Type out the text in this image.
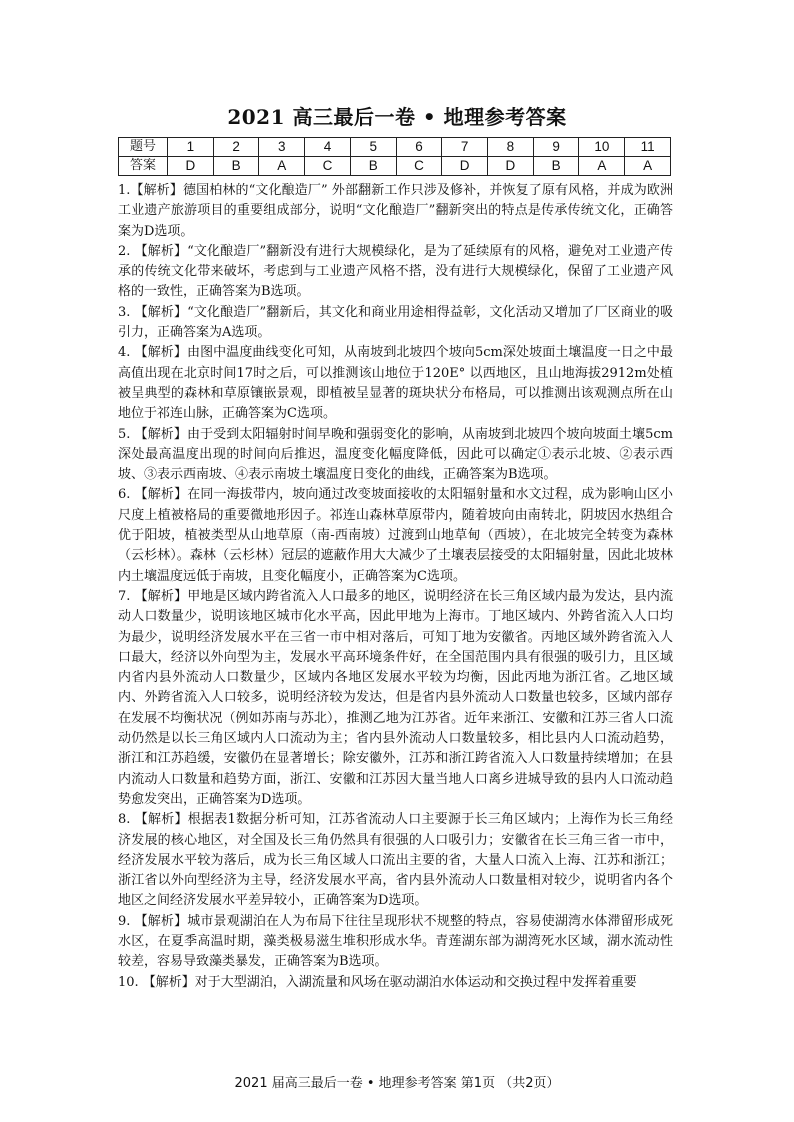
2021 高三最后一卷 • 地理参考答案
题号	1	2	3	4	5	6	7	8	9	10	11
答案	D	B	A	C	B	C	D	D	B	A	A

1.【解析】德国柏林的“文化酿造厂” 外部翻新工作只涉及修补，并恢复了原有风格，并成为欧洲工业遗产旅游项目的重要组成部分，说明“文化酿造厂”翻新突出的特点是传承传统文化，正确答案为D选项。

2. 【解析】“文化酿造厂”翻新没有进行大规模绿化，是为了延续原有的风格，避免对工业遗产传承的传统文化带来破坏，考虑到与工业遗产风格不搭，没有进行大规模绿化，保留了工业遗产风格的一致性，正确答案为B选项。

3. 【解析】“文化酿造厂”翻新后，其文化和商业用途相得益彰，文化活动又增加了厂区商业的吸引力，正确答案为A选项。

4. 【解析】由图中温度曲线变化可知，从南坡到北坡四个坡向5cm深处坡面土壤温度一日之中最高值出现在北京时间17时之后，可以推测该山地位于120E° 以西地区，且山地海拔2912m处植被呈典型的森林和草原镶嵌景观，即植被呈显著的斑块状分布格局，可以推测出该观测点所在山地位于祁连山脉，正确答案为C选项。

5. 【解析】由于受到太阳辐射时间早晚和强弱变化的影响，从南坡到北坡四个坡向坡面土壤5cm深处最高温度出现的时间向后推迟，温度变化幅度降低，因此可以确定①表示北坡、②表示西坡、③表示西南坡、④表示南坡土壤温度日变化的曲线，正确答案为B选项。

6. 【解析】在同一海拔带内，坡向通过改变坡面接收的太阳辐射量和水文过程，成为影响山区小尺度上植被格局的重要微地形因子。祁连山森林草原带内，随着坡向由南转北，阴坡因水热组合优于阳坡，植被类型从山地草原（南-西南坡）过渡到山地草甸（西坡），在北坡完全转变为森林（云杉林）。森林（云杉林）冠层的遮蔽作用大大减少了土壤表层接受的太阳辐射量，因此北坡林内土壤温度远低于南坡，且变化幅度小，正确答案为C选项。

7. 【解析】甲地是区域内跨省流入人口最多的地区，说明经济在长三角区域内最为发达，县内流动人口数量少，说明该地区城市化水平高，因此甲地为上海市。丁地区域内、外跨省流入人口均为最少，说明经济发展水平在三省一市中相对落后，可知丁地为安徽省。丙地区域外跨省流入人口最大，经济以外向型为主，发展水平高环境条件好，在全国范围内具有很强的吸引力，且区域内省内县外流动人口数量少，区域内各地区发展水平较为均衡，因此丙地为浙江省。乙地区域内、外跨省流入人口较多，说明经济较为发达，但是省内县外流动人口数量也较多，区域内部存在发展不均衡状况（例如苏南与苏北），推测乙地为江苏省。近年来浙江、安徽和江苏三省人口流动仍然是以长三角区域内人口流动为主；省内县外流动人口数量较多，相比县内人口流动趋势，浙江和江苏趋缓，安徽仍在显著增长；除安徽外，江苏和浙江跨省流入人口数量持续增加；在县内流动人口数量和趋势方面，浙江、安徽和江苏因大量当地人口离乡进城导致的县内人口流动趋势愈发突出，正确答案为D选项。

8. 【解析】根据表1数据分析可知，江苏省流动人口主要源于长三角区域内；上海作为长三角经济发展的核心地区，对全国及长三角仍然具有很强的人口吸引力；安徽省在长三角三省一市中，经济发展水平较为落后，成为长三角区域人口流出主要的省，大量人口流入上海、江苏和浙江；浙江省以外向型经济为主导，经济发展水平高，省内县外流动人口数量相对较少，说明省内各个地区之间经济发展水平差异较小，正确答案为D选项。

9. 【解析】城市景观湖泊在人为布局下往往呈现形状不规整的特点，容易使湖湾水体滞留形成死水区，在夏季高温时期，藻类极易滋生堆积形成水华。青莲湖东部为湖湾死水区域，湖水流动性较差，容易导致藻类暴发，正确答案为B选项。

10. 【解析】对于大型湖泊，入湖流量和风场在驱动湖泊水体运动和交换过程中发挥着重要

2021 届高三最后一卷 • 地理参考答案 第1页 （共2页）
